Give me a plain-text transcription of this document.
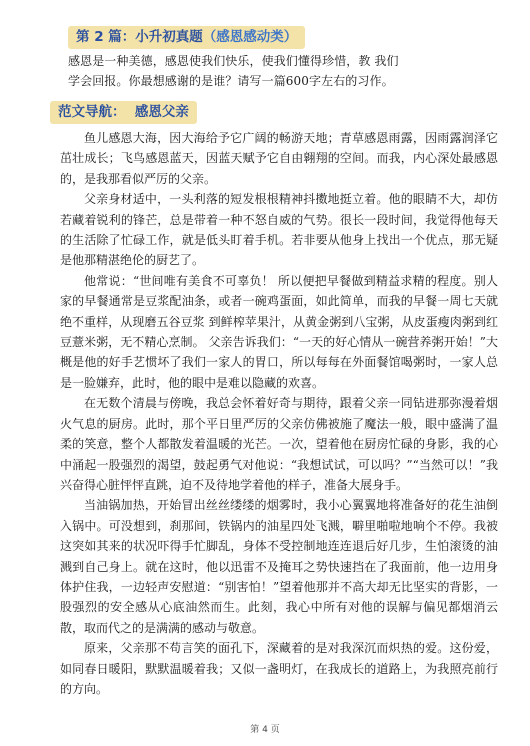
第 2 篇：小升初真题（感恩感动类）

感恩是一种美德，感恩使我们快乐，使我们懂得珍惜，教 我们

学会回报。你最想感谢的是谁？请写一篇600字左右的习作。

范文导航： 感恩父亲

鱼儿感恩大海，因大海给予它广阔的畅游天地；青草感恩雨露，因雨露润泽它茁壮成长；飞鸟感恩蓝天，因蓝天赋予它自由翱翔的空间。而我，内心深处最感恩的，是我那看似严厉的父亲。

父亲身材适中，一头利落的短发根根精神抖擞地挺立着。他的眼睛不大，却仿若藏着锐利的锋芒，总是带着一种不怒自威的气势。很长一段时间，我觉得他每天的生活除了忙碌工作，就是低头盯着手机。若非要从他身上找出一个优点，那无疑是他那精湛绝伦的厨艺了。

他常说：“世间唯有美食不可辜负！ 所以便把早餐做到精益求精的程度。别人家的早餐通常是豆浆配油条，或者一碗鸡蛋面，如此简单，而我的早餐一周七天就绝不重样，从现磨五谷豆浆 到鲜榨苹果汁，从黄金粥到八宝粥，从皮蛋瘦肉粥到红豆薏米粥，无不精心烹制。 父亲告诉我们：“一天的好心情从一碗营养粥开始！”大概是他的好手艺惯坏了我们一家人的胃口，所以每每在外面餐馆喝粥时，一家人总是一脸嫌弃，此时，他的眼中是难以隐藏的欢喜。

在无数个清晨与傍晚，我总会怀着好奇与期待，跟着父亲一同钻进那弥漫着烟火气息的厨房。此时，那个平日里严厉的父亲仿佛被施了魔法一般，眼中盛满了温柔的笑意，整个人都散发着温暖的光芒。一次，望着他在厨房忙碌的身影，我的心中涌起一股强烈的渴望，鼓起勇气对他说：“我想试试，可以吗？”“当然可以！”我兴奋得心脏怦怦直跳，迫不及待地学着他的样子，准备大展身手。

当油锅加热，开始冒出丝丝缕缕的烟雾时，我小心翼翼地将准备好的花生油倒入锅中。可没想到，刹那间，铁锅内的油星四处飞溅，噼里啪啦地响个不停。我被这突如其来的状况吓得手忙脚乱，身体不受控制地连连退后好几步，生怕滚烫的油溅到自己身上。就在这时，他以迅雷不及掩耳之势快速挡在了我面前，他一边用身体护住我，一边轻声安慰道：“别害怕！”望着他那并不高大却无比坚实的背影，一股强烈的安全感从心底油然而生。此刻，我心中所有对他的误解与偏见都烟消云散，取而代之的是满满的感动与敬意。

原来，父亲那不苟言笑的面孔下，深藏着的是对我深沉而炽热的爱。这份爱，如同春日暖阳，默默温暖着我；又似一盏明灯，在我成长的道路上，为我照亮前行的方向。

第 4 页
